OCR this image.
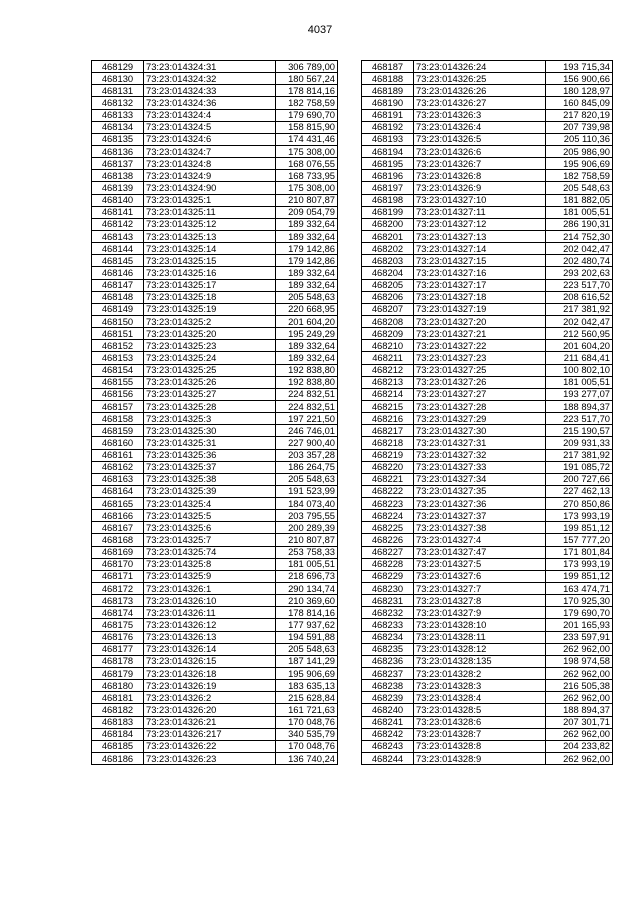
4037
468129	73:23:014324:31	306 789,00
468130	73:23:014324:32	180 567,24
468131	73:23:014324:33	178 814,16
468132	73:23:014324:36	182 758,59
468133	73:23:014324:4	179 690,70
468134	73:23:014324:5	158 815,90
468135	73:23:014324:6	174 431,46
468136	73:23:014324:7	175 308,00
468137	73:23:014324:8	168 076,55
468138	73:23:014324:9	168 733,95
468139	73:23:014324:90	175 308,00
468140	73:23:014325:1	210 807,87
468141	73:23:014325:11	209 054,79
468142	73:23:014325:12	189 332,64
468143	73:23:014325:13	189 332,64
468144	73:23:014325:14	179 142,86
468145	73:23:014325:15	179 142,86
468146	73:23:014325:16	189 332,64
468147	73:23:014325:17	189 332,64
468148	73:23:014325:18	205 548,63
468149	73:23:014325:19	220 668,95
468150	73:23:014325:2	201 604,20
468151	73:23:014325:20	195 249,29
468152	73:23:014325:23	189 332,64
468153	73:23:014325:24	189 332,64
468154	73:23:014325:25	192 838,80
468155	73:23:014325:26	192 838,80
468156	73:23:014325:27	224 832,51
468157	73:23:014325:28	224 832,51
468158	73:23:014325:3	197 221,50
468159	73:23:014325:30	246 746,01
468160	73:23:014325:31	227 900,40
468161	73:23:014325:36	203 357,28
468162	73:23:014325:37	186 264,75
468163	73:23:014325:38	205 548,63
468164	73:23:014325:39	191 523,99
468165	73:23:014325:4	184 073,40
468166	73:23:014325:5	203 795,55
468167	73:23:014325:6	200 289,39
468168	73:23:014325:7	210 807,87
468169	73:23:014325:74	253 758,33
468170	73:23:014325:8	181 005,51
468171	73:23:014325:9	218 696,73
468172	73:23:014326:1	290 134,74
468173	73:23:014326:10	210 369,60
468174	73:23:014326:11	178 814,16
468175	73:23:014326:12	177 937,62
468176	73:23:014326:13	194 591,88
468177	73:23:014326:14	205 548,63
468178	73:23:014326:15	187 141,29
468179	73:23:014326:18	195 906,69
468180	73:23:014326:19	183 635,13
468181	73:23:014326:2	215 628,84
468182	73:23:014326:20	161 721,63
468183	73:23:014326:21	170 048,76
468184	73:23:014326:217	340 535,79
468185	73:23:014326:22	170 048,76
468186	73:23:014326:23	136 740,24
468187	73:23:014326:24	193 715,34
468188	73:23:014326:25	156 900,66
468189	73:23:014326:26	180 128,97
468190	73:23:014326:27	160 845,09
468191	73:23:014326:3	217 820,19
468192	73:23:014326:4	207 739,98
468193	73:23:014326:5	205 110,36
468194	73:23:014326:6	205 986,90
468195	73:23:014326:7	195 906,69
468196	73:23:014326:8	182 758,59
468197	73:23:014326:9	205 548,63
468198	73:23:014327:10	181 882,05
468199	73:23:014327:11	181 005,51
468200	73:23:014327:12	286 190,31
468201	73:23:014327:13	214 752,30
468202	73:23:014327:14	202 042,47
468203	73:23:014327:15	202 480,74
468204	73:23:014327:16	293 202,63
468205	73:23:014327:17	223 517,70
468206	73:23:014327:18	208 616,52
468207	73:23:014327:19	217 381,92
468208	73:23:014327:20	202 042,47
468209	73:23:014327:21	212 560,95
468210	73:23:014327:22	201 604,20
468211	73:23:014327:23	211 684,41
468212	73:23:014327:25	100 802,10
468213	73:23:014327:26	181 005,51
468214	73:23:014327:27	193 277,07
468215	73:23:014327:28	188 894,37
468216	73:23:014327:29	223 517,70
468217	73:23:014327:30	215 190,57
468218	73:23:014327:31	209 931,33
468219	73:23:014327:32	217 381,92
468220	73:23:014327:33	191 085,72
468221	73:23:014327:34	200 727,66
468222	73:23:014327:35	227 462,13
468223	73:23:014327:36	270 850,86
468224	73:23:014327:37	173 993,19
468225	73:23:014327:38	199 851,12
468226	73:23:014327:4	157 777,20
468227	73:23:014327:47	171 801,84
468228	73:23:014327:5	173 993,19
468229	73:23:014327:6	199 851,12
468230	73:23:014327:7	163 474,71
468231	73:23:014327:8	170 925,30
468232	73:23:014327:9	179 690,70
468233	73:23:014328:10	201 165,93
468234	73:23:014328:11	233 597,91
468235	73:23:014328:12	262 962,00
468236	73:23:014328:135	198 974,58
468237	73:23:014328:2	262 962,00
468238	73:23:014328:3	216 505,38
468239	73:23:014328:4	262 962,00
468240	73:23:014328:5	188 894,37
468241	73:23:014328:6	207 301,71
468242	73:23:014328:7	262 962,00
468243	73:23:014328:8	204 233,82
468244	73:23:014328:9	262 962,00
